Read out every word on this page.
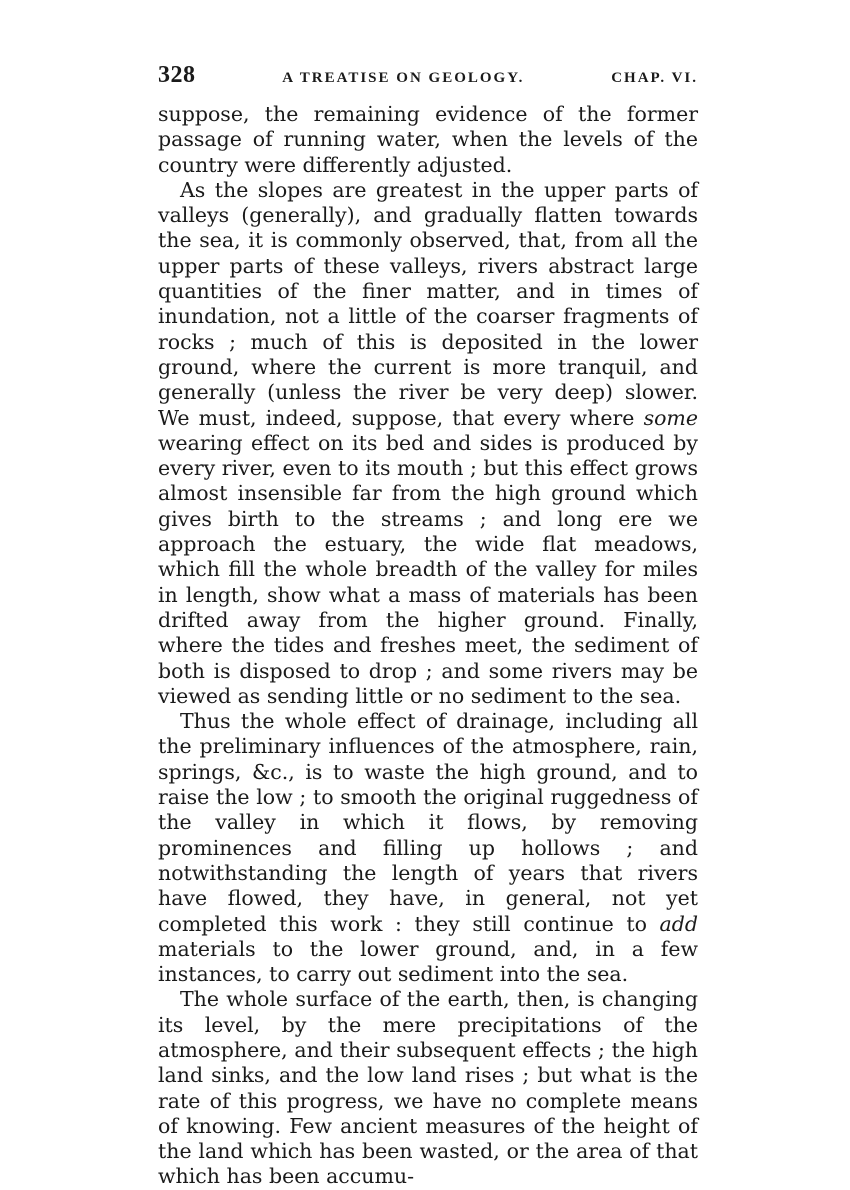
328	A TREATISE ON GEOLOGY.	CHAP. VI.

suppose, the remaining evidence of the former passage of running water, when the levels of the country were differently adjusted.

As the slopes are greatest in the upper parts of valleys (generally), and gradually flatten towards the sea, it is commonly observed, that, from all the upper parts of these valleys, rivers abstract large quantities of the finer matter, and in times of inundation, not a little of the coarser fragments of rocks ; much of this is deposited in the lower ground, where the current is more tranquil, and generally (unless the river be very deep) slower. We must, indeed, suppose, that every where some wearing effect on its bed and sides is produced by every river, even to its mouth ; but this effect grows almost insensible far from the high ground which gives birth to the streams ; and long ere we approach the estuary, the wide flat meadows, which fill the whole breadth of the valley for miles in length, show what a mass of materials has been drifted away from the higher ground. Finally, where the tides and freshes meet, the sediment of both is disposed to drop ; and some rivers may be viewed as sending little or no sediment to the sea.

Thus the whole effect of drainage, including all the preliminary influences of the atmosphere, rain, springs, &c., is to waste the high ground, and to raise the low ; to smooth the original ruggedness of the valley in which it flows, by removing prominences and filling up hollows ; and notwithstanding the length of years that rivers have flowed, they have, in general, not yet completed this work : they still continue to add materials to the lower ground, and, in a few instances, to carry out sediment into the sea.

The whole surface of the earth, then, is changing its level, by the mere precipitations of the atmosphere, and their subsequent effects ; the high land sinks, and the low land rises ; but what is the rate of this progress, we have no complete means of knowing. Few ancient measures of the height of the land which has been wasted, or the area of that which has been accumu-
